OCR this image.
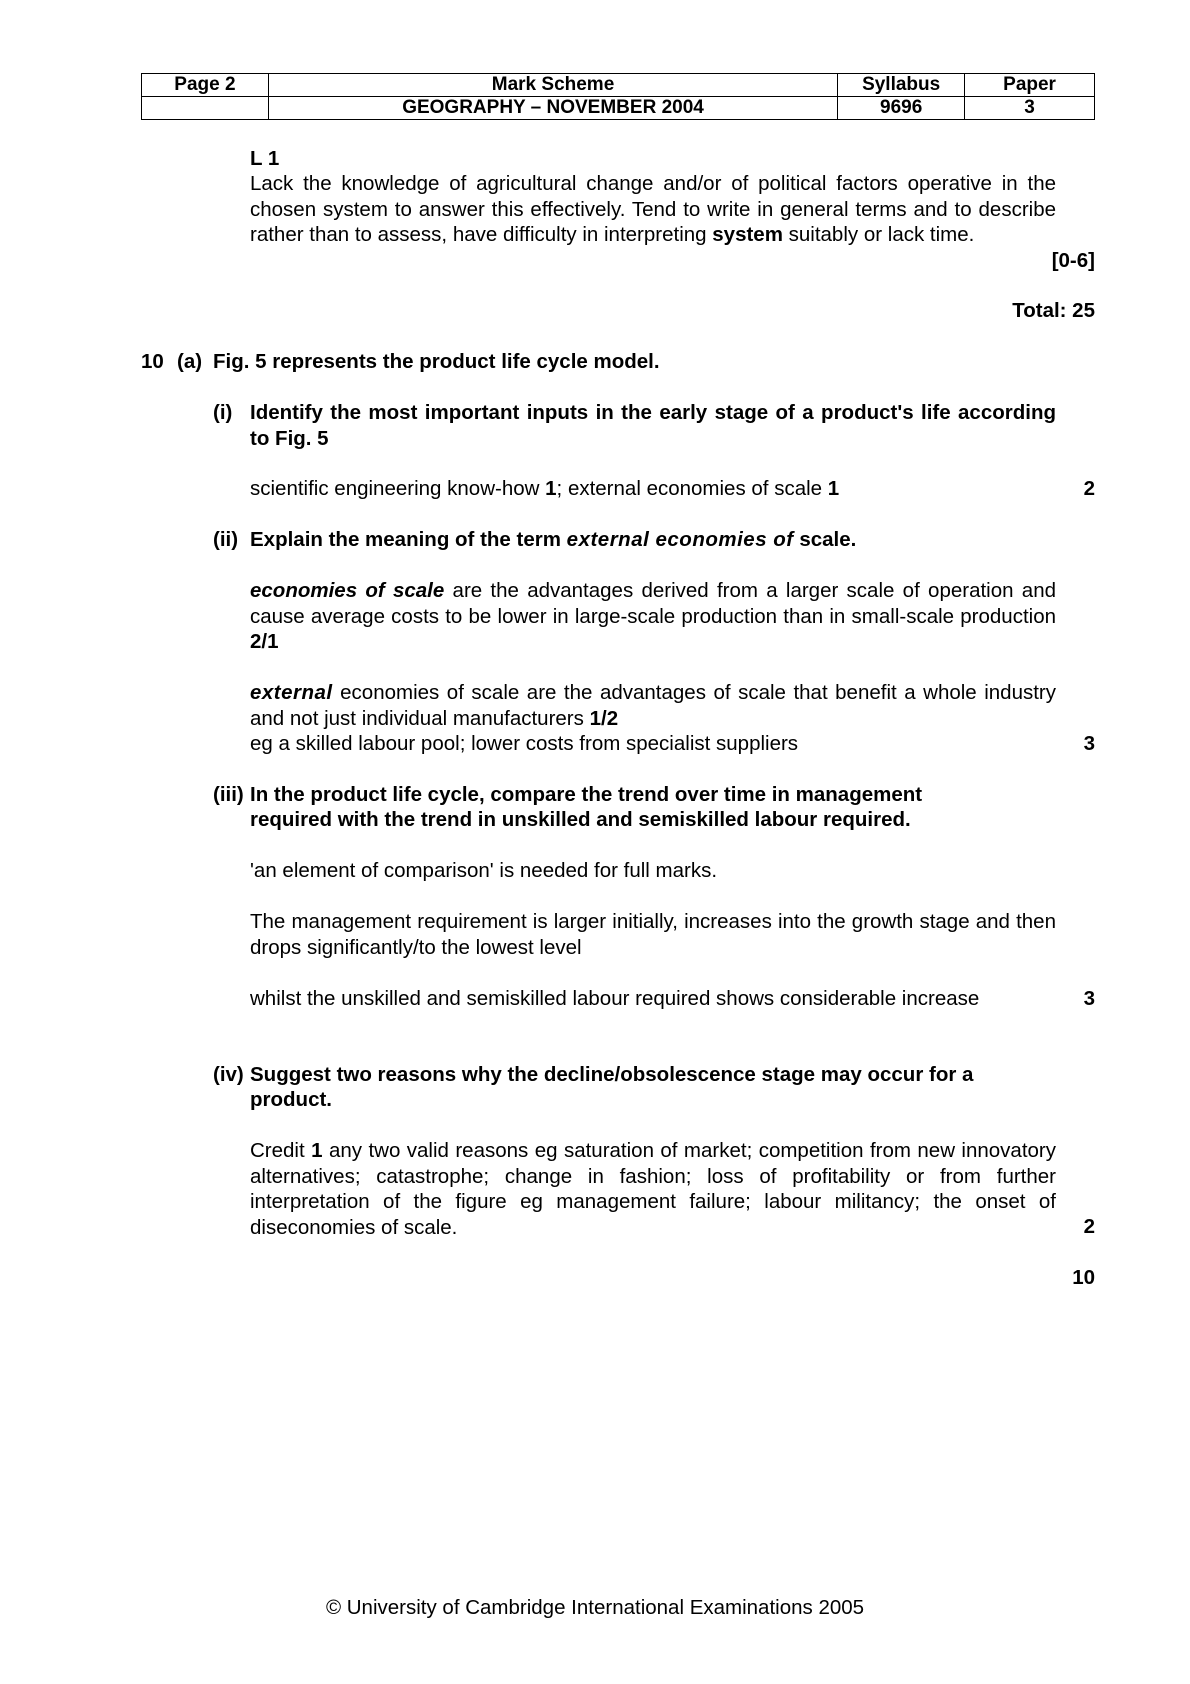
Page 2	Mark Scheme	Syllabus	Paper
	GEOGRAPHY – NOVEMBER 2004	9696	3
L 1
Lack the knowledge of agricultural change and/or of political factors operative in the chosen system to answer this effectively. Tend to write in general terms and to describe rather than to assess, have difficulty in interpreting system suitably or lack time.
[0-6]
Total: 25
10 (a) Fig. 5 represents the product life cycle model.
(i) Identify the most important inputs in the early stage of a product's life according to Fig. 5
scientific engineering know-how 1; external economies of scale 1	2
(ii) Explain the meaning of the term external economies of scale.
economies of scale are the advantages derived from a larger scale of operation and cause average costs to be lower in large-scale production than in small-scale production 2/1
external economies of scale are the advantages of scale that benefit a whole industry and not just individual manufacturers 1/2
eg a skilled labour pool; lower costs from specialist suppliers	3
(iii) In the product life cycle, compare the trend over time in management
required with the trend in unskilled and semiskilled labour required.
'an element of comparison' is needed for full marks.
The management requirement is larger initially, increases into the growth stage and then drops significantly/to the lowest level
whilst the unskilled and semiskilled labour required shows considerable increase	3
(iv) Suggest two reasons why the decline/obsolescence stage may occur for a
product.
Credit 1 any two valid reasons eg saturation of market; competition from new innovatory alternatives; catastrophe; change in fashion; loss of profitability or from further interpretation of the figure eg management failure; labour militancy; the onset of diseconomies of scale.	2
10
© University of Cambridge International Examinations 2005
